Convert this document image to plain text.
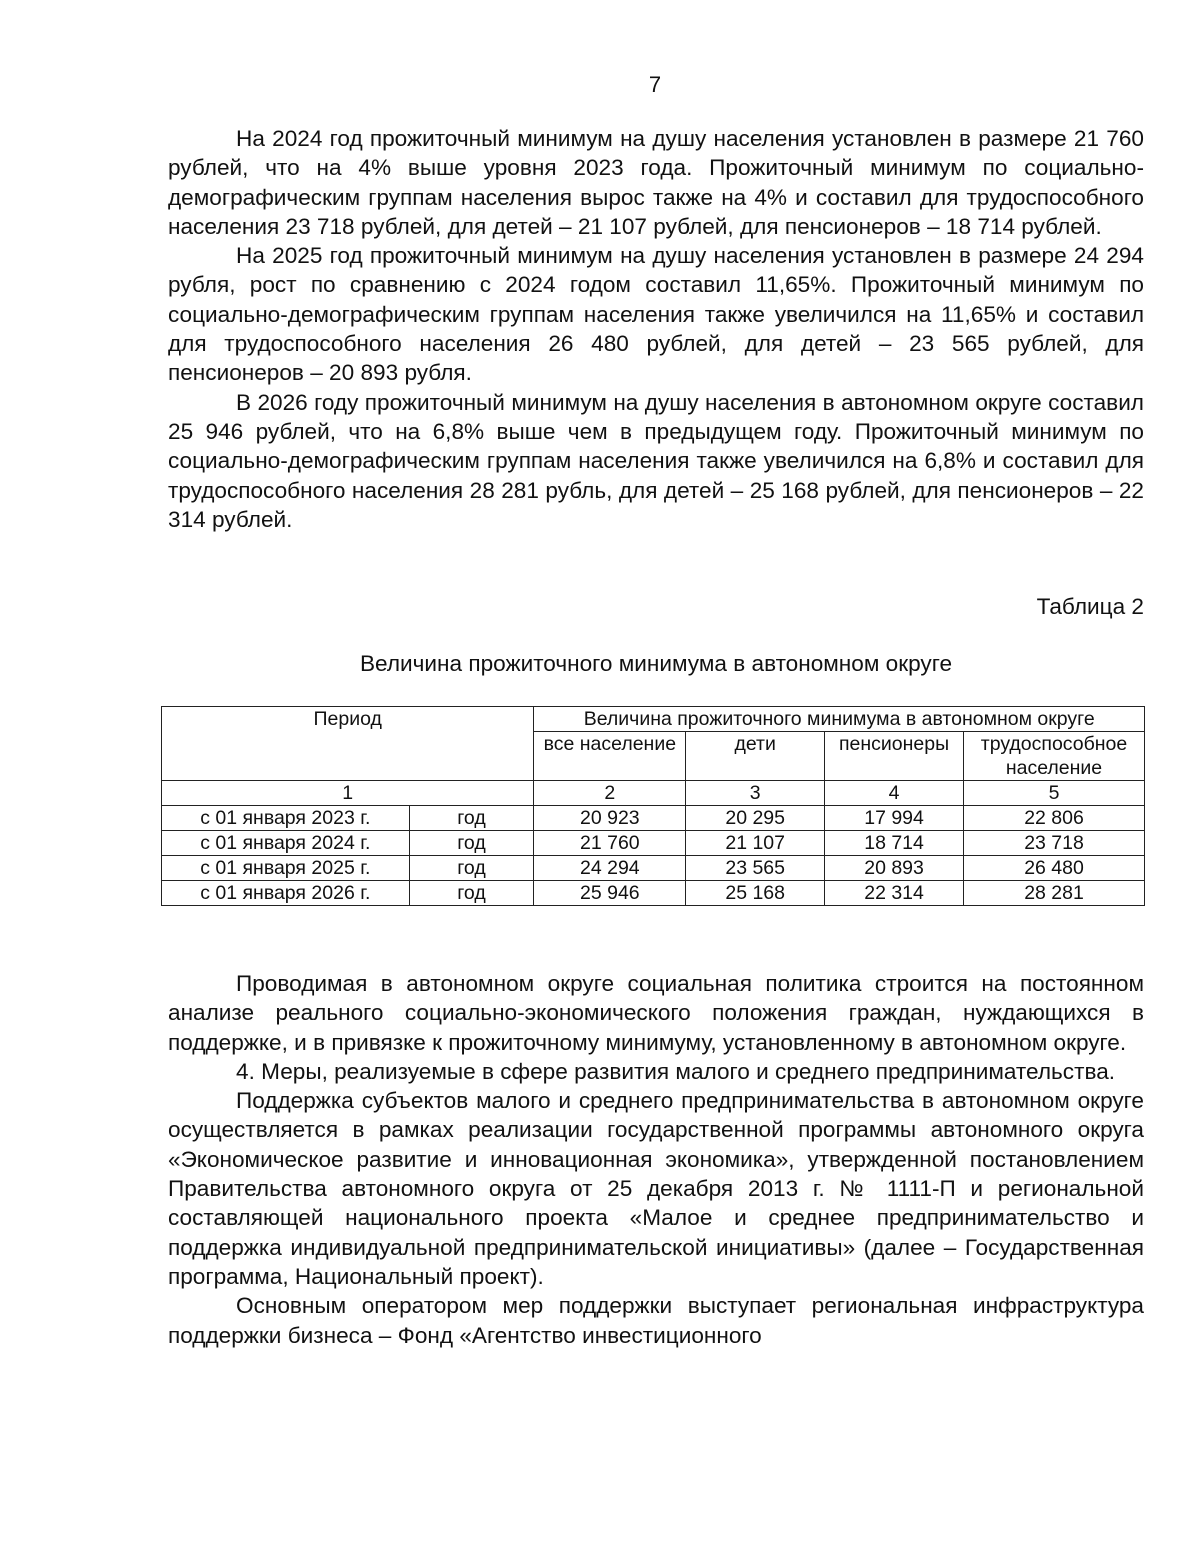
7

На 2024 год прожиточный минимум на душу населения установлен в размере 21 760 рублей, что на 4% выше уровня 2023 года. Прожиточный минимум по социально-демографическим группам населения вырос также на 4% и составил для трудоспособного населения 23 718 рублей, для детей – 21 107 рублей, для пенсионеров – 18 714 рублей.

На 2025 год прожиточный минимум на душу населения установлен в размере 24 294 рубля, рост по сравнению с 2024 годом составил 11,65%. Прожиточный минимум по социально-демографическим группам населения также увеличился на 11,65% и составил для трудоспособного населения 26 480 рублей, для детей – 23 565 рублей, для пенсионеров – 20 893 рубля.

В 2026 году прожиточный минимум на душу населения в автономном округе составил 25 946 рублей, что на 6,8% выше чем в предыдущем году. Прожиточный минимум по социально-демографическим группам населения также увеличился на 6,8% и составил для трудоспособного населения 28 281 рубль, для детей – 25 168 рублей, для пенсионеров – 22 314 рублей.

Таблица 2
Величина прожиточного минимума в автономном округе
Период		Величина прожиточного минимума в автономном округе			
		все население	дети	пенсионеры	трудоспособное население
1		2	3	4	5
с 01 января 2023 г.	год	20 923	20 295	17 994	22 806
с 01 января 2024 г.	год	21 760	21 107	18 714	23 718
с 01 января 2025 г.	год	24 294	23 565	20 893	26 480
с 01 января 2026 г.	год	25 946	25 168	22 314	28 281

Проводимая в автономном округе социальная политика строится на постоянном анализе реального социально-экономического положения граждан, нуждающихся в поддержке, и в привязке к прожиточному минимуму, установленному в автономном округе.

4. Меры, реализуемые в сфере развития малого и среднего предпринимательства.

Поддержка субъектов малого и среднего предпринимательства в автономном округе осуществляется в рамках реализации государственной программы автономного округа «Экономическое развитие и инновационная экономика», утвержденной постановлением Правительства автономного округа от 25 декабря 2013 г. № 1111-П и региональной составляющей национального проекта «Малое и среднее предпринимательство и поддержка индивидуальной предпринимательской инициативы» (далее – Государственная программа, Национальный проект).

Основным оператором мер поддержки выступает региональная инфраструктура поддержки бизнеса – Фонд «Агентство инвестиционного
